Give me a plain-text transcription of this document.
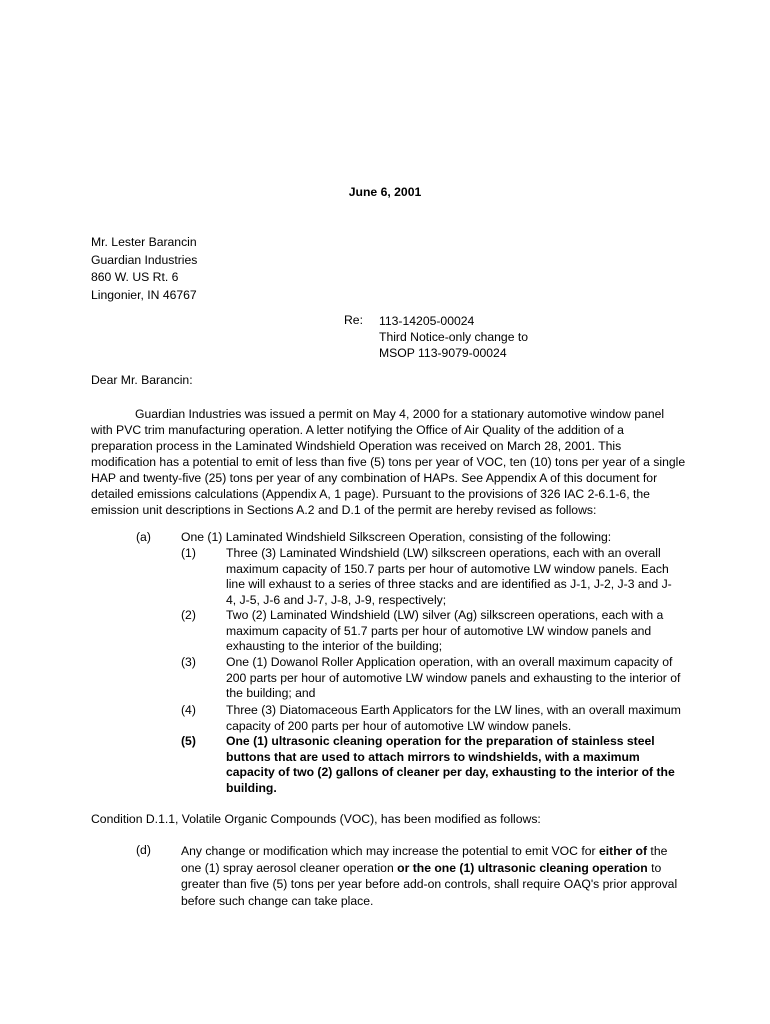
June 6, 2001
Mr. Lester Barancin
Guardian Industries
860 W. US Rt. 6
Lingonier, IN 46767
Re: 113-14205-00024
Third Notice-only change to
MSOP 113-9079-00024
Dear Mr. Barancin:
Guardian Industries was issued a permit on May 4, 2000 for a stationary automotive window panel with PVC trim manufacturing operation. A letter notifying the Office of Air Quality of the addition of a preparation process in the Laminated Windshield Operation was received on March 28, 2001. This modification has a potential to emit of less than five (5) tons per year of VOC, ten (10) tons per year of a single HAP and twenty-five (25) tons per year of any combination of HAPs. See Appendix A of this document for detailed emissions calculations (Appendix A, 1 page). Pursuant to the provisions of 326 IAC 2-6.1-6, the emission unit descriptions in Sections A.2 and D.1 of the permit are hereby revised as follows:
(a) One (1) Laminated Windshield Silkscreen Operation, consisting of the following:
(1) Three (3) Laminated Windshield (LW) silkscreen operations, each with an overall maximum capacity of 150.7 parts per hour of automotive LW window panels. Each line will exhaust to a series of three stacks and are identified as J-1, J-2, J-3 and J-4, J-5, J-6 and J-7, J-8, J-9, respectively;
(2) Two (2) Laminated Windshield (LW) silver (Ag) silkscreen operations, each with a maximum capacity of 51.7 parts per hour of automotive LW window panels and exhausting to the interior of the building;
(3) One (1) Dowanol Roller Application operation, with an overall maximum capacity of 200 parts per hour of automotive LW window panels and exhausting to the interior of the building; and
(4) Three (3) Diatomaceous Earth Applicators for the LW lines, with an overall maximum capacity of 200 parts per hour of automotive LW window panels.
(5) One (1) ultrasonic cleaning operation for the preparation of stainless steel buttons that are used to attach mirrors to windshields, with a maximum capacity of two (2) gallons of cleaner per day, exhausting to the interior of the building.
Condition D.1.1, Volatile Organic Compounds (VOC), has been modified as follows:
(d) Any change or modification which may increase the potential to emit VOC for either of the one (1) spray aerosol cleaner operation or the one (1) ultrasonic cleaning operation to greater than five (5) tons per year before add-on controls, shall require OAQ's prior approval before such change can take place.
